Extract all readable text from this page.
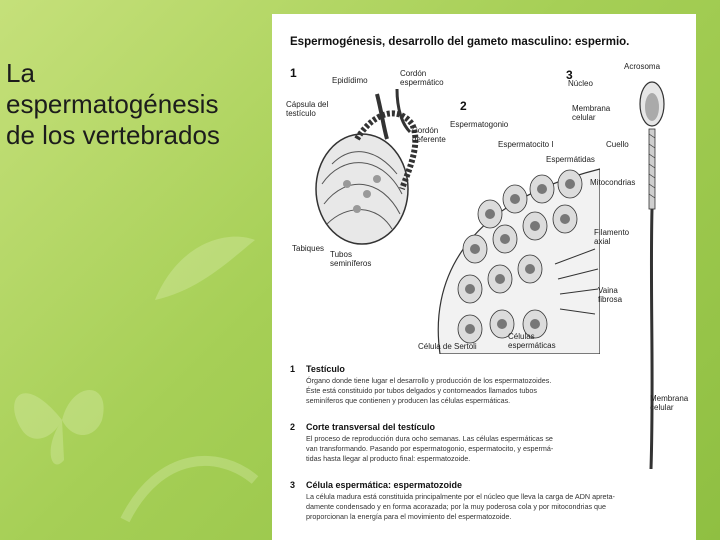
La
espermatogénesis
de los vertebrados
Espermogénesis, desarrollo del gameto masculino: espermio.
1
Epidídimo
Cordón
espermático
Cápsula del
testículo
Cordón
deferente
Tabiques
Tubos
seminíferos
2
Espermatogonio
Espermatocito I
Espermátidas
Célula de Sertoli
Células
espermáticas
3
Acrosoma
Núcleo
Membrana
celular
Cuello
Mitocondrias
Filamento
axial
Vaina
fibrosa
Membrana
celular
1 Testículo
Órgano donde tiene lugar el desarrollo y producción de los espermatozoides.
Éste está constituido por tubos delgados y contorneados llamados tubos
seminíferos que contienen y producen las células espermáticas.
2 Corte transversal del testículo
El proceso de reproducción dura ocho semanas. Las células espermáticas se
van transformando. Pasando por espermatogonio, espermatocito, y espermá-
tidas hasta llegar al producto final: espermatozoide.
3 Célula espermática: espermatozoide
La célula madura está constituida principalmente por el núcleo que lleva la carga de ADN apreta-
damente condensado y en forma acorazada; por la muy poderosa cola y por mitocondrias que
proporcionan la energía para el movimiento del espermatozoide.
